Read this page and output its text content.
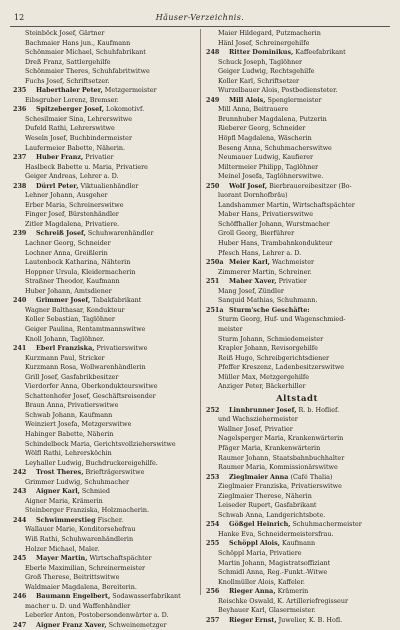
12	Häuser-Verzeichnis.
Steinböck Josef, Gärtner
Bachmaier Hans jun., Kaufmann
Schönmaier Michael, Schuhfabrikant
Dreß Franz, Sattlergehilfe
Schönmaier Theres, Schuhfabritwitwe
Fuchs Josef, Schriftsetzer.
235	Haberthaler Peter, Metzgermeister
Eibsgruber Lorenz, Bremser.
236	Spitzeberger Josef, Lokomotivf.
Schesilmaier Sina, Lehrerswitwe
Dufeld Rathi, Lehrerswitwe
Weseln Josef, Buchbindermeister
Laufermeier Babette, Näherin.
237	Huber Franz, Privatier
Haslbeck Babette u. Maria, Privatiere
Geiger Andreas, Lehrer a. D.
238	Dürrl Peter, Viktualienhändler
Lehner Johann, Ausgeher
Erber Maria, Schreinerswitwe
Finger Josef, Bürstenhändler
Zitler Magdalena, Privatiere.
239	Schreiß Josef, Schuhwarenhändler
Lachner Georg, Schneider
Lochner Anna, Greißlerin
Lautenbock Katharina, Nähterin
Hoppner Ursula, Kleidermacherin
Straßner Theodor, Kaufmann
Huber Johann, Amtsdiener
240	Grimmer Josef, Tabakfabrikant
Wagner Balthasar, Kondukteur
Koller Sebastian, Taglöhner
Geiger Paulina, Rentamtmannswitwe
Knoll Johann, Taglöhner.
241	Eberl Franziska, Privatierswitwe
Kurzmann Paul, Stricker
Kurzmann Rosa, Wollwarenhändlerin
Grill Josef, Gasfabrikbesitzer
Vierdorfer Anna, Oberkondukteurswitwe
Schattenhofer Josef, Geschäftsreisender
Braun Anna, Privatierswitwe
Schwab Johann, Kaufmann
Weinziert Josefa, Metzgerswitwe
Habinger Babette, Näherin
Schindelbeck Maria, Gerichtsvollzieherswitwe
Wölfl Rathi, Lehrersköchin
Leyhaller Ludwig, Buchdruckereigehilfe.
242	Trost Theres, Briefträgerswitwe
Grimmer Ludwig, Schuhmacher
243	Aigner Karl, Schmied
Aigner Maria, Krämerin
Steinberger Franziska, Holzmacherin.
244	Schwimmerstieg Fischer.
Wallauer Marie, Konditorsehefrau
Wiß Rathi, Schuhwarenhändlerin
Holzer Michael, Maler.
245	Mayer Martin, Wirtschaftspächter
Eberle Maximilian, Schreinermeister
Groß Therese, Beitrittswitwe
Waldmaier Magdalena, Bereiterin.
246	Baumann Engelbert, Sodawasserfabrikant
macher u. D. und Waffenhändler
Leberler Anton, Postobersondenwärter a. D.
247	Aigner Franz Xaver, Schweinemetzger
Maier Hildegard, Putzmacherin
Hänl Josef, Schreinergehilfe
248	Ritter Dominikus, Kaffeefabrikant
Schuck Joseph, Taglöhner
Geiger Ludwig, Rechtsgehilfe
Koller Karl, Schriftsetzer
Wurzelbauer Alois, Postbediensteter.
249	Mill Alois, Spenglermeister
Mill Anna, Beitrauere
Brunnhuber Magdalena, Putzerin
Rieberer Georg, Schneider
Höpfl Magdalena, Wäscherin
Beseng Anna, Schuhmacherswitwe
Neumauer Ludwig, Kaufierer
Miltermeier Philipp, Taglöhner
Meinel Josefa, Taglöhnerswitwe.
250	Wolf Josef, Bierbrauereibesitzer (Bo-
luorant Dornhofbräu)
Landshammer Martin, Wirtschaftspächter
Maber Hans, Privatierswitwe
Schöffhaller Johann, Wurstmacher
Groll Georg, Bierführer
Huber Hans, Trambahnkondukteur
Pfesch Hans, Lehrer a. D.
250a Meier Karl, Wachmeister
Zimmerer Martin, Schreiner.
251	Maher Xaver, Privatier
Mang Josef, Zündler
Sanquid Mathias, Schuhmann.
251a Sturm'sche Geschäfte:
Sturm Georg, Huf- und Wagenschmied-
meister
Sturm Johann, Schmiedemeister
Krapler Johann, Revisorgehilfe
Reiß Hugo, Schreibgerichtsdiener
Pfeffer Kreszenz, Ladenbesitzerswitwe
Müller Max, Metzgergehilfe
Anziger Peter, Bäckerhiller
Altstadt
252	Linnbrunner Josef, R. b. Hoflief.
und Wachsziehermeister
Wallner Josef, Privatier
Nagelsperger Maria, Krankenwärterin
Pfäger Maria, Krankenwärterin
Raumer Johann, Staatsbahnbuchhalter
Raumer Maria, Kommissionärswitwe
253	Zieglmaier Anna (Café Thalia)
Zieglmaier Franziska, Privatierswitwe
Zieglmaier Therese, Näherin
Leiseder Rupert, Gasfabrikant
Schwab Anna, Landgerichtsbote.
254	Gößgel Heinrich, Schuhmachermeister
Hanke Eva, Schneidermeistersfrau.
255	Schöppl Alois, Kaufmann
Schöppl Maria, Privatiere
Martin Johann, Magistratsoffiziant
Schmidl Anna, Reg.-Funkt.-Witwe
Knollmüller Alois, Kaffeler.
256	Rieger Anna, Krämerin
Reischke Oswald, K. Artilleriefregisseur
Beyhauer Karl, Glasermeister.
257	Rieger Ernst, Juwelier, K. B. Hofl.
